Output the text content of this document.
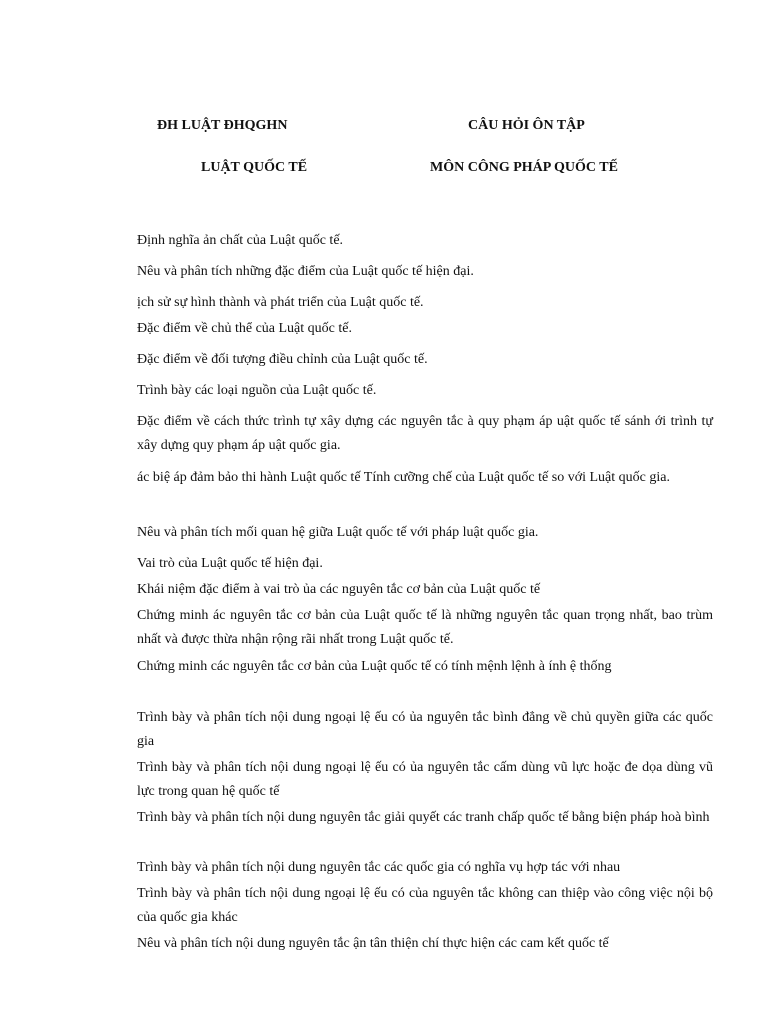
ĐH LUẬT ĐHQGHN	CÂU HỎI ÔN TẬP
LUẬT QUỐC TẾ	MÔN CÔNG PHÁP QUỐC TẾ

Định nghĩa ản chất của Luật quốc tế.

Nêu và phân tích những đặc điểm của Luật quốc tế hiện đại.

ịch sử sự hình thành và phát triển của Luật quốc tế.

Đặc điểm về chủ thể của Luật quốc tế.

Đặc điểm về đối tượng điều chỉnh của Luật quốc tế.

Trình bày các loại nguồn của Luật quốc tế.

Đặc điểm về cách thức trình tự xây dựng các nguyên tắc à quy phạm áp uật quốc tế sánh ới trình tự xây dựng quy phạm áp uật quốc gia.

ác biệ áp đảm bảo thi hành Luật quốc tế Tính cưỡng chế của Luật quốc tế so với Luật quốc gia.

Nêu và phân tích mối quan hệ giữa Luật quốc tế với pháp luật quốc gia.

Vai trò của Luật quốc tế hiện đại.

Khái niệm đặc điểm à vai trò ủa các nguyên tắc cơ bản của Luật quốc tế

Chứng minh ác nguyên tắc cơ bản của Luật quốc tế là những nguyên tắc quan trọng nhất, bao trùm nhất và được thừa nhận rộng rãi nhất trong Luật quốc tế.

Chứng minh các nguyên tắc cơ bản của Luật quốc tế có tính mệnh lệnh à ính ệ thống

Trình bày và phân tích nội dung ngoại lệ ếu có ủa nguyên tắc bình đẳng về chủ quyền giữa các quốc gia

Trình bày và phân tích nội dung ngoại lệ ếu có ủa nguyên tắc cấm dùng vũ lực hoặc đe dọa dùng vũ lực trong quan hệ quốc tế

Trình bày và phân tích nội dung nguyên tắc giải quyết các tranh chấp quốc tế bằng biện pháp hoà bình

Trình bày và phân tích nội dung nguyên tắc các quốc gia có nghĩa vụ hợp tác với nhau

Trình bày và phân tích nội dung ngoại lệ ếu có của nguyên tắc không can thiệp vào công việc nội bộ của quốc gia khác

Nêu và phân tích nội dung nguyên tắc ận tân thiện chí thực hiện các cam kết quốc tế
